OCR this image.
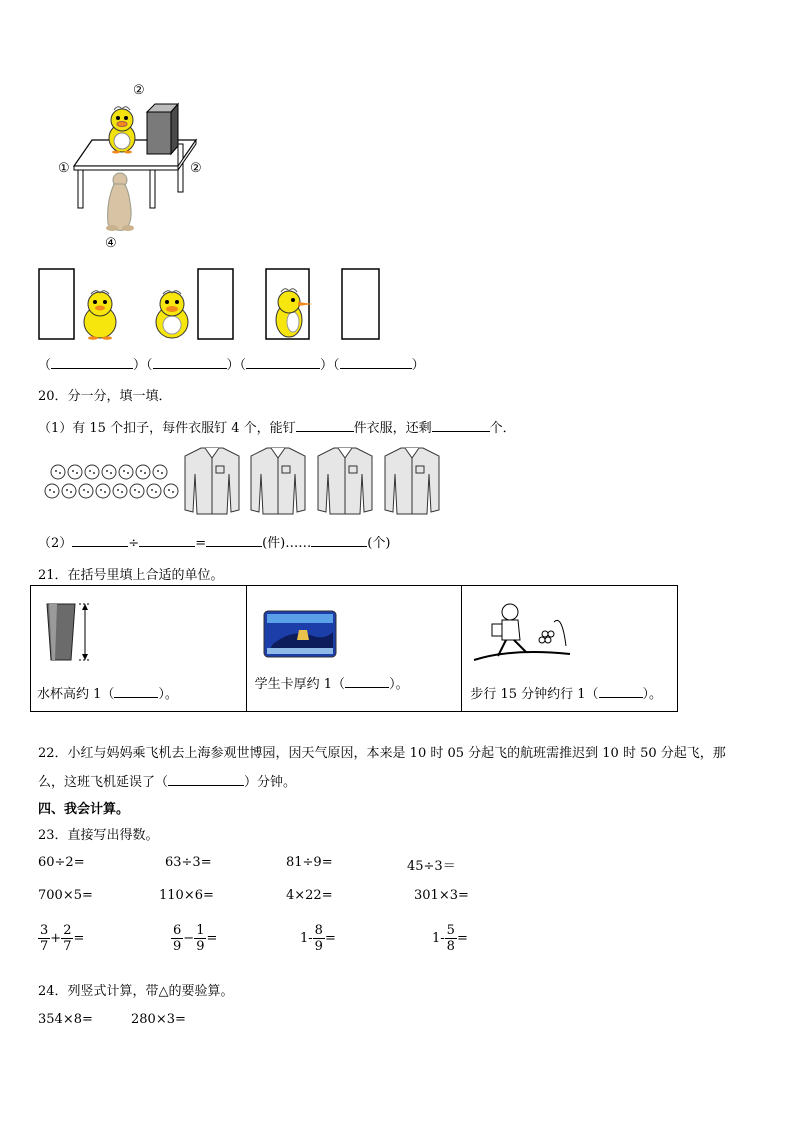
②
①	②
④
（	）（	）（	）（	）
20．分一分，填一填．
（1）有 15 个扣子，每件衣服钉 4 个，能钉	件衣服，还剩	个．
（2）	÷	=	(件)……	(个)
21．在括号里填上合适的单位。
水杯高约 1（	）。

学生卡厚约 1（	）。

步行 15 分钟约行 1（	）。
22．小红与妈妈乘飞机去上海参观世博园，因天气原因，本来是 10 时 05 分起飞的航班需推迟到 10 时 50 分起飞，那
么，这班飞机延误了（	）分钟。
四、我会计算。
23．直接写出得数。
60÷2=	63÷3=	81÷9=	45÷3＝
700×5=	110×6=	4×22=	301×3=
$\frac{3}{7} + \frac{2}{7}$ =	$\frac{6}{9} - \frac{1}{9}$ =	$1- \frac{8}{9}$ =	$1- \frac{5}{8}$ =
24．列竖式计算，带△的要验算。
354×8=	280×3=
